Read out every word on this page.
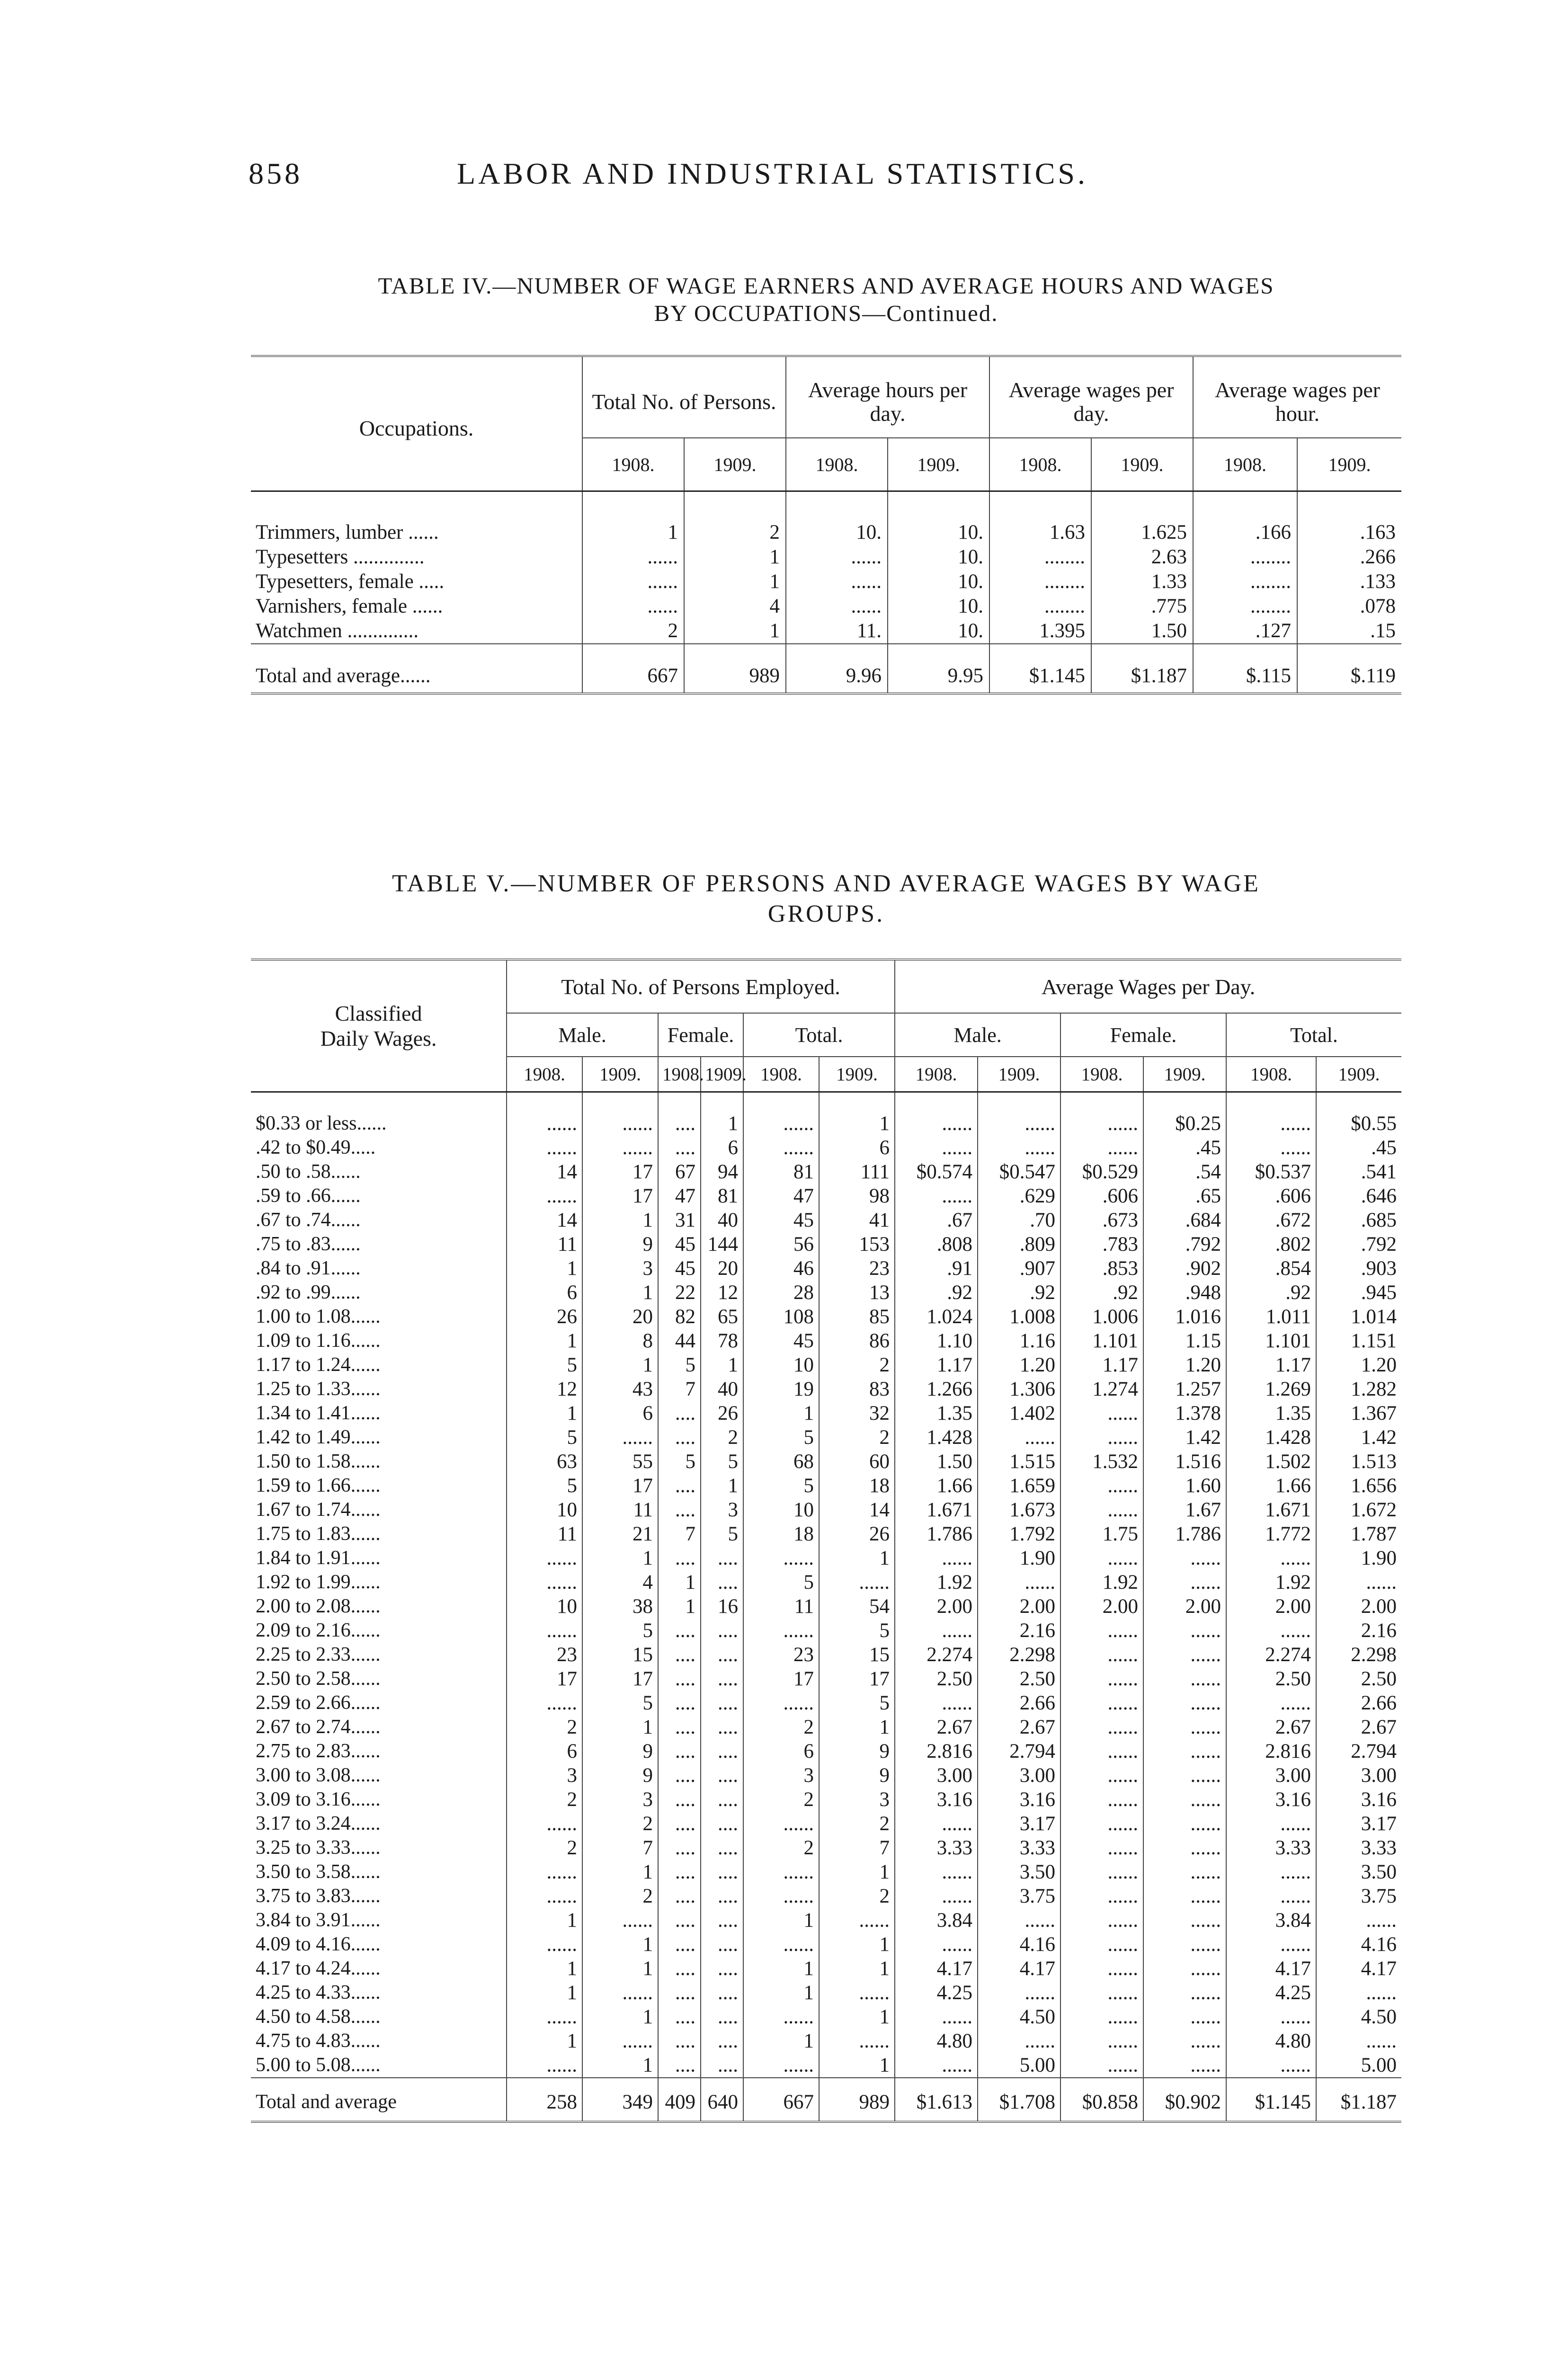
858	LABOR AND INDUSTRIAL STATISTICS.
TABLE IV.—NUMBER OF WAGE EARNERS AND AVERAGE HOURS AND WAGES
BY OCCUPATIONS—Continued.
Occupations.	Total No. of Persons.		Average hours per day.		Average wages per day.		Average wages per hour.	
	1908.	1909.	1908.	1909.	1908.	1909.	1908.	1909.
Trimmers, lumber ......	1	2	10.	10.	1.63	1.625	.166	.163
Typesetters ..............	......	1	......	10.	........	2.63	........	.266
Typesetters, female .....	......	1	......	10.	........	1.33	........	.133
Varnishers, female ......	......	4	......	10.	........	.775	........	.078
Watchmen ..............	2	1	11.	10.	1.395	1.50	.127	.15
Total and average......	667	989	9.96	9.95	$1.145	$1.187	$.115	$.119
TABLE V.—NUMBER OF PERSONS AND AVERAGE WAGES BY WAGE
GROUPS.
Classified
Daily Wages.	Total No. of Persons Employed.						Average Wages per Day.					
	Male.		Female.		Total.		Male.		Female.		Total.	
	1908.	1909.	1908.	1909.	1908.	1909.	1908.	1909.	1908.	1909.	1908.	1909.
$0.33 or less......	......	......	....	1	......	1	......	......	......	$0.25	......	$0.55
.42 to $0.49.....	......	......	....	6	......	6	......	......	......	.45	......	.45
.50 to .58......	14	17	67	94	81	111	$0.574	$0.547	$0.529	.54	$0.537	.541
.59 to .66......	......	17	47	81	47	98	......	.629	.606	.65	.606	.646
.67 to .74......	14	1	31	40	45	41	.67	.70	.673	.684	.672	.685
.75 to .83......	11	9	45	144	56	153	.808	.809	.783	.792	.802	.792
.84 to .91......	1	3	45	20	46	23	.91	.907	.853	.902	.854	.903
.92 to .99......	6	1	22	12	28	13	.92	.92	.92	.948	.92	.945
1.00 to 1.08......	26	20	82	65	108	85	1.024	1.008	1.006	1.016	1.011	1.014
1.09 to 1.16......	1	8	44	78	45	86	1.10	1.16	1.101	1.15	1.101	1.151
1.17 to 1.24......	5	1	5	1	10	2	1.17	1.20	1.17	1.20	1.17	1.20
1.25 to 1.33......	12	43	7	40	19	83	1.266	1.306	1.274	1.257	1.269	1.282
1.34 to 1.41......	1	6	....	26	1	32	1.35	1.402	......	1.378	1.35	1.367
1.42 to 1.49......	5	......	....	2	5	2	1.428	......	......	1.42	1.428	1.42
1.50 to 1.58......	63	55	5	5	68	60	1.50	1.515	1.532	1.516	1.502	1.513
1.59 to 1.66......	5	17	....	1	5	18	1.66	1.659	......	1.60	1.66	1.656
1.67 to 1.74......	10	11	....	3	10	14	1.671	1.673	......	1.67	1.671	1.672
1.75 to 1.83......	11	21	7	5	18	26	1.786	1.792	1.75	1.786	1.772	1.787
1.84 to 1.91......	......	1	....	....	......	1	......	1.90	......	......	......	1.90
1.92 to 1.99......	......	4	1	....	5	......	1.92	......	1.92	......	1.92	......
2.00 to 2.08......	10	38	1	16	11	54	2.00	2.00	2.00	2.00	2.00	2.00
2.09 to 2.16......	......	5	....	....	......	5	......	2.16	......	......	......	2.16
2.25 to 2.33......	23	15	....	....	23	15	2.274	2.298	......	......	2.274	2.298
2.50 to 2.58......	17	17	....	....	17	17	2.50	2.50	......	......	2.50	2.50
2.59 to 2.66......	......	5	....	....	......	5	......	2.66	......	......	......	2.66
2.67 to 2.74......	2	1	....	....	2	1	2.67	2.67	......	......	2.67	2.67
2.75 to 2.83......	6	9	....	....	6	9	2.816	2.794	......	......	2.816	2.794
3.00 to 3.08......	3	9	....	....	3	9	3.00	3.00	......	......	3.00	3.00
3.09 to 3.16......	2	3	....	....	2	3	3.16	3.16	......	......	3.16	3.16
3.17 to 3.24......	......	2	....	....	......	2	......	3.17	......	......	......	3.17
3.25 to 3.33......	2	7	....	....	2	7	3.33	3.33	......	......	3.33	3.33
3.50 to 3.58......	......	1	....	....	......	1	......	3.50	......	......	......	3.50
3.75 to 3.83......	......	2	....	....	......	2	......	3.75	......	......	......	3.75
3.84 to 3.91......	1	......	....	....	1	......	3.84	......	......	......	3.84	......
4.09 to 4.16......	......	1	....	....	......	1	......	4.16	......	......	......	4.16
4.17 to 4.24......	1	1	....	....	1	1	4.17	4.17	......	......	4.17	4.17
4.25 to 4.33......	1	......	....	....	1	......	4.25	......	......	......	4.25	......
4.50 to 4.58......	......	1	....	....	......	1	......	4.50	......	......	......	4.50
4.75 to 4.83......	1	......	....	....	1	......	4.80	......	......	......	4.80	......
5.00 to 5.08......	......	1	....	....	......	1	......	5.00	......	......	......	5.00
Total and average	258	349	409	640	667	989	$1.613	$1.708	$0.858	$0.902	$1.145	$1.187
